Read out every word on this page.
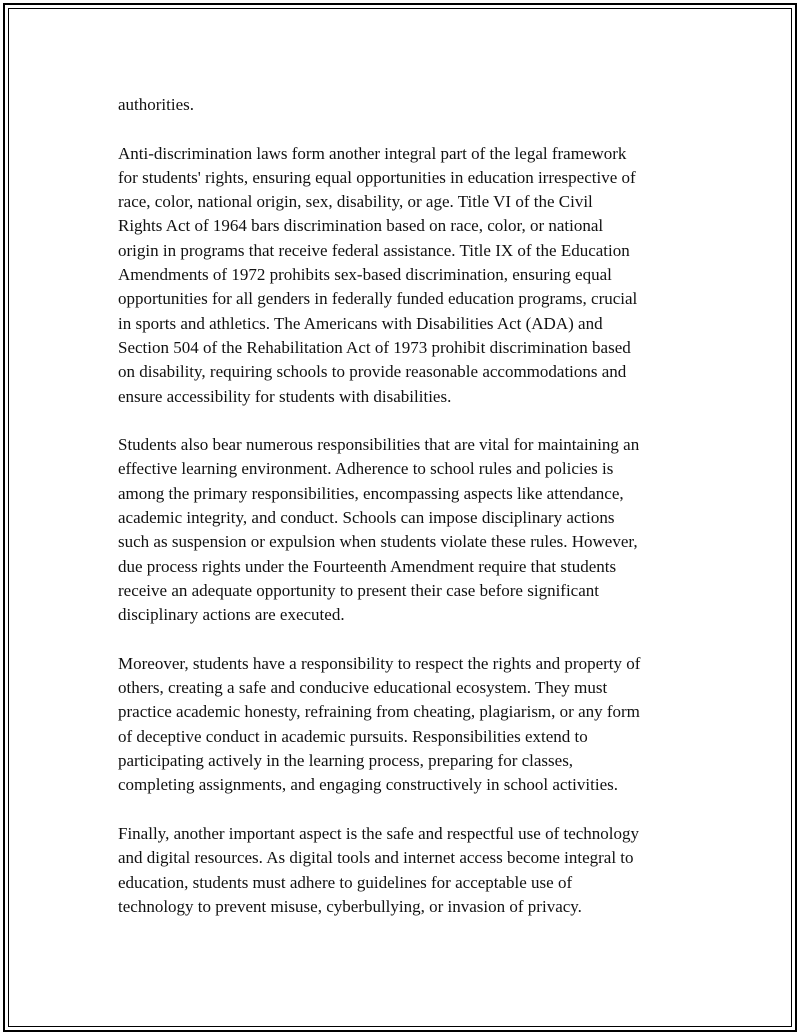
authorities.

Anti-discrimination laws form another integral part of the legal framework
for students' rights, ensuring equal opportunities in education irrespective of
race, color, national origin, sex, disability, or age. Title VI of the Civil
Rights Act of 1964 bars discrimination based on race, color, or national
origin in programs that receive federal assistance. Title IX of the Education
Amendments of 1972 prohibits sex-based discrimination, ensuring equal
opportunities for all genders in federally funded education programs, crucial
in sports and athletics. The Americans with Disabilities Act (ADA) and
Section 504 of the Rehabilitation Act of 1973 prohibit discrimination based
on disability, requiring schools to provide reasonable accommodations and
ensure accessibility for students with disabilities.

Students also bear numerous responsibilities that are vital for maintaining an
effective learning environment. Adherence to school rules and policies is
among the primary responsibilities, encompassing aspects like attendance,
academic integrity, and conduct. Schools can impose disciplinary actions
such as suspension or expulsion when students violate these rules. However,
due process rights under the Fourteenth Amendment require that students
receive an adequate opportunity to present their case before significant
disciplinary actions are executed.

Moreover, students have a responsibility to respect the rights and property of
others, creating a safe and conducive educational ecosystem. They must
practice academic honesty, refraining from cheating, plagiarism, or any form
of deceptive conduct in academic pursuits. Responsibilities extend to
participating actively in the learning process, preparing for classes,
completing assignments, and engaging constructively in school activities.

Finally, another important aspect is the safe and respectful use of technology
and digital resources. As digital tools and internet access become integral to
education, students must adhere to guidelines for acceptable use of
technology to prevent misuse, cyberbullying, or invasion of privacy.
